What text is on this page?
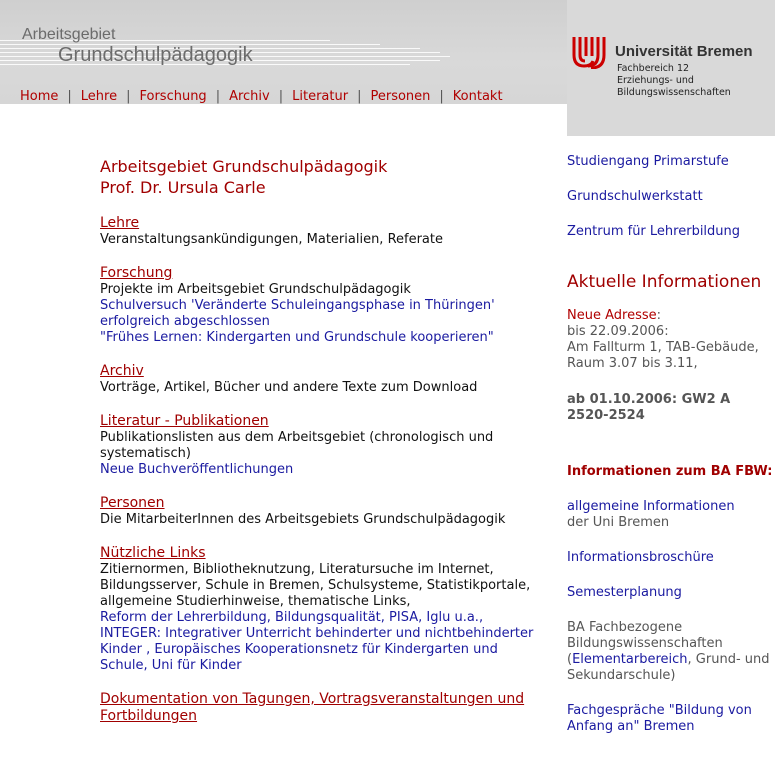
Arbeitsgebiet
Grundschulpädagogik
Home | Lehre | Forschung | Archiv | Literatur | Personen | Kontakt
Universität Bremen
Fachbereich 12
Erziehungs- und
Bildungswissenschaften
Arbeitsgebiet Grundschulpädagogik
Prof. Dr. Ursula Carle
Lehre
Veranstaltungsankündigungen, Materialien, Referate
Forschung
Projekte im Arbeitsgebiet Grundschulpädagogik
Schulversuch 'Veränderte Schuleingangsphase in Thüringen' erfolgreich abgeschlossen
"Frühes Lernen: Kindergarten und Grundschule kooperieren"
Archiv
Vorträge, Artikel, Bücher und andere Texte zum Download
Literatur - Publikationen
Publikationslisten aus dem Arbeitsgebiet (chronologisch und systematisch)
Neue Buchveröffentlichungen
Personen
Die MitarbeiterInnen des Arbeitsgebiets Grundschulpädagogik
Nützliche Links
Zitiernormen, Bibliotheknutzung, Literatursuche im Internet, Bildungsserver, Schule in Bremen, Schulsysteme, Statistikportale, allgemeine Studierhinweise, thematische Links,
Reform der Lehrerbildung, Bildungsqualität, PISA, Iglu u.a., INTEGER: Integrativer Unterricht behinderter und nichtbehinderter Kinder , Europäisches Kooperationsnetz für Kindergarten und Schule, Uni für Kinder
Dokumentation von Tagungen, Vortragsveranstaltungen und Fortbildungen
Studiengang Primarstufe
Grundschulwerkstatt
Zentrum für Lehrerbildung
Aktuelle Informationen
Neue Adresse:
bis 22.09.2006:
Am Fallturm 1, TAB-Gebäude,
Raum 3.07 bis 3.11,
ab 01.10.2006: GW2 A 2520-2524
Informationen zum BA FBW:
allgemeine Informationen
der Uni Bremen
Informationsbroschüre
Semesterplanung
BA Fachbezogene Bildungswissenschaften (Elementarbereich, Grund- und Sekundarschule)
Fachgespräche "Bildung von Anfang an" Bremen
